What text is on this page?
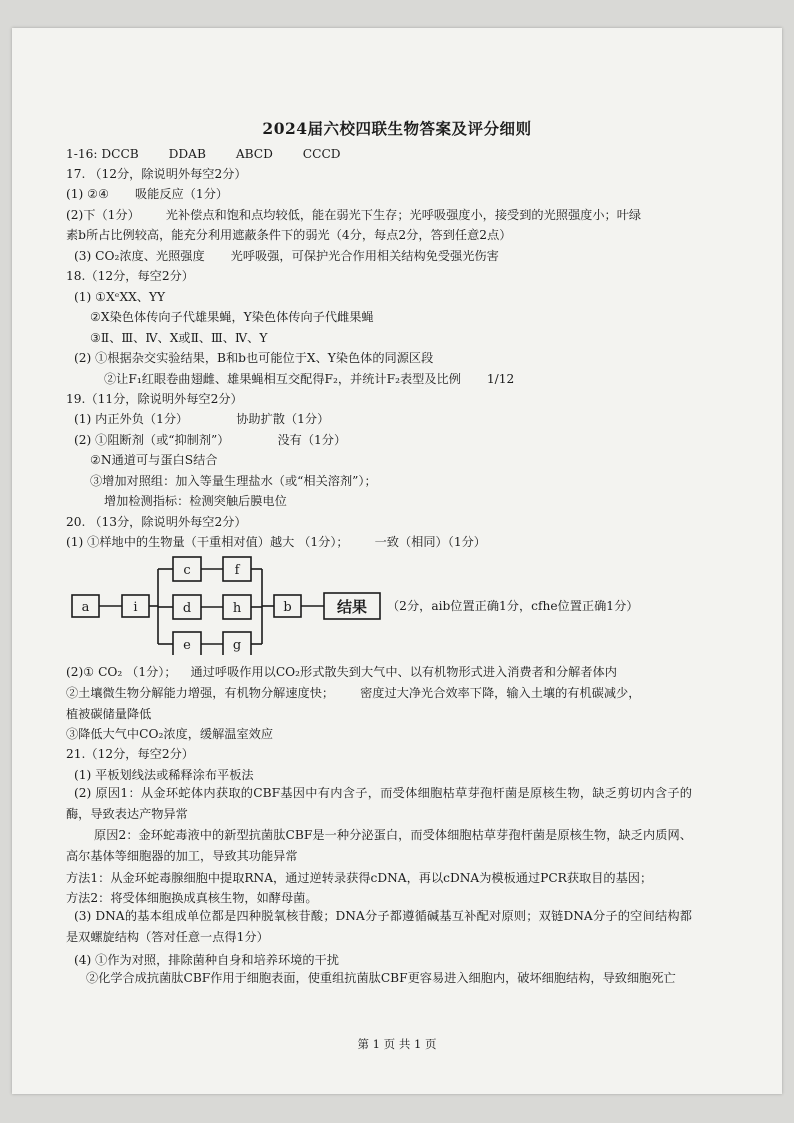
2024届六校四联生物答案及评分细则
1-16: DCCB DDAB ABCD CCCD
17. （12分，除说明外每空2分）
(1) ②④ 吸能反应（1分）
(2)下（1分） 光补偿点和饱和点均较低，能在弱光下生存；光呼吸强度小，接受到的光照强度小；叶绿
素b所占比例较高，能充分利用遮蔽条件下的弱光（4分，每点2分，答到任意2点）
(3) CO₂浓度、光照强度 光呼吸强，可保护光合作用相关结构免受强光伤害
18.（12分，每空2分）
(1) ①XᵉXX、YY
②X染色体传向子代雄果蝇，Y染色体传向子代雌果蝇
③Ⅱ、Ⅲ、Ⅳ、X或Ⅱ、Ⅲ、Ⅳ、Y
(2) ①根据杂交实验结果，B和b也可能位于X、Y染色体的同源区段
②让F₁红眼卷曲翅雌、雄果蝇相互交配得F₂，并统计F₂表型及比例 1/12
19.（11分，除说明外每空2分）
(1) 内正外负（1分）	协助扩散（1分）
(2) ①阻断剂（或“抑制剂”）	没有（1分）
②N通道可与蛋白S结合
③增加对照组：加入等量生理盐水（或“相关溶剂”）；
增加检测指标：检测突触后膜电位
20. （13分，除说明外每空2分）
(1) ①样地中的生物量（干重相对值）越大 （1分）； 一致（相同）（1分）
a	i
c	f
d	h
e	g
b	结果 （2分，aib位置正确1分，cfhe位置正确1分）
(2)① CO₂ （1分）； 通过呼吸作用以CO₂形式散失到大气中、以有机物形式进入消费者和分解者体内
②土壤微生物分解能力增强，有机物分解速度快； 密度过大净光合效率下降，输入土壤的有机碳减少，
植被碳储量降低
③降低大气中CO₂浓度，缓解温室效应
21.（12分，每空2分）
(1) 平板划线法或稀释涂布平板法
(2) 原因1：从金环蛇体内获取的CBF基因中有内含子，而受体细胞枯草芽孢杆菌是原核生物，缺乏剪切内含子的酶，导致表达产物异常
原因2：金环蛇毒液中的新型抗菌肽CBF是一种分泌蛋白，而受体细胞枯草芽孢杆菌是原核生物，缺乏内质网、高尔基体等细胞器的加工，导致其功能异常
方法1：从金环蛇毒腺细胞中提取RNA，通过逆转录获得cDNA，再以cDNA为模板通过PCR获取目的基因；
方法2：将受体细胞换成真核生物，如酵母菌。
(3) DNA的基本组成单位都是四种脱氧核苷酸；DNA分子都遵循碱基互补配对原则；双链DNA分子的空间结构都是双螺旋结构（答对任意一点得1分）
(4) ①作为对照，排除菌种自身和培养环境的干扰
②化学合成抗菌肽CBF作用于细胞表面，使重组抗菌肽CBF更容易进入细胞内，破坏细胞结构，导致细胞死亡
第 1 页 共 1 页
